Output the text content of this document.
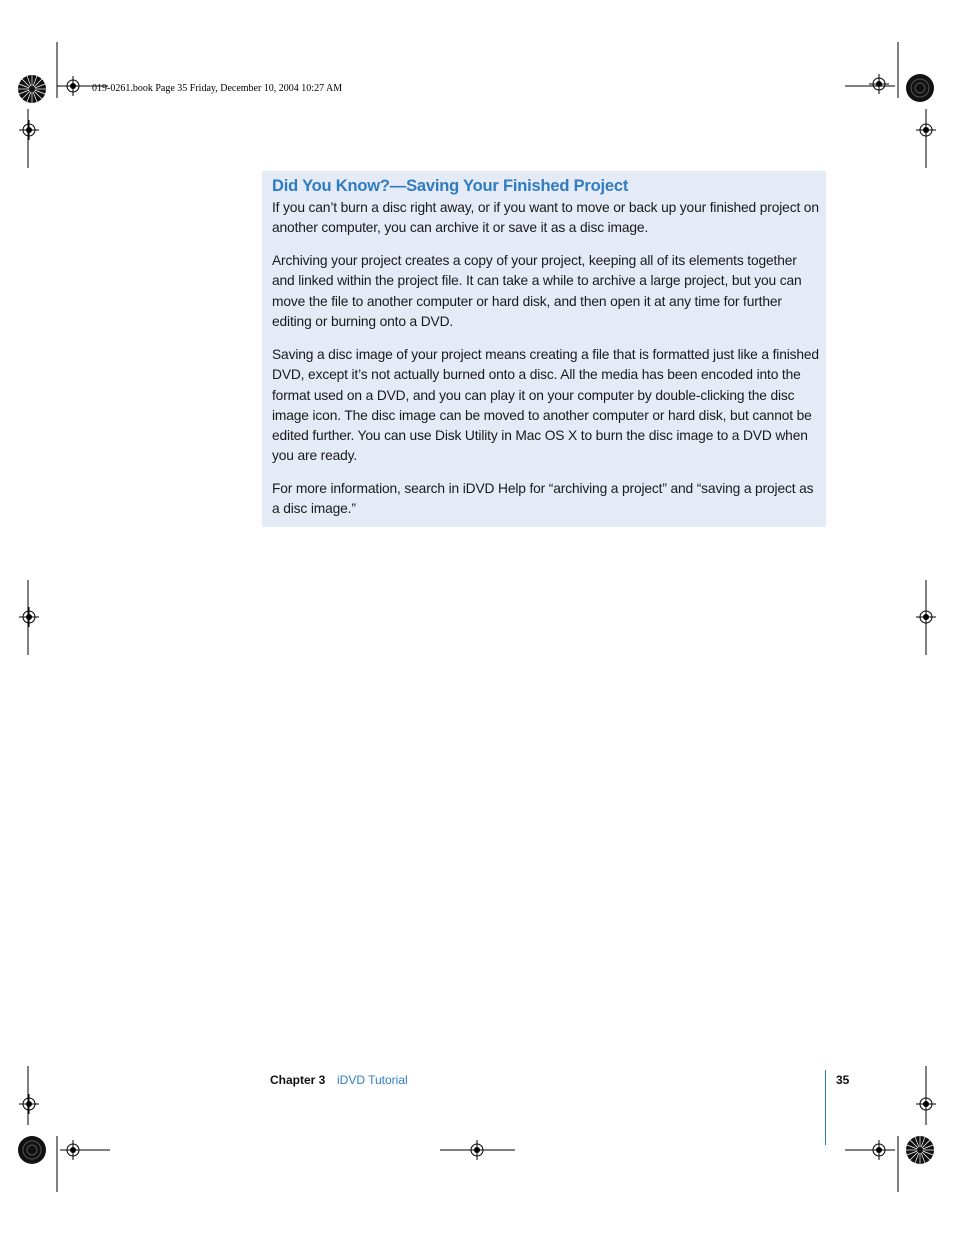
019-0261.book Page 35 Friday, December 10, 2004 10:27 AM
Did You Know?—Saving Your Finished Project

If you can’t burn a disc right away, or if you want to move or back up your finished project on another computer, you can archive it or save it as a disc image.

Archiving your project creates a copy of your project, keeping all of its elements together and linked within the project file. It can take a while to archive a large project, but you can move the file to another computer or hard disk, and then open it at any time for further editing or burning onto a DVD.

Saving a disc image of your project means creating a file that is formatted just like a finished DVD, except it’s not actually burned onto a disc. All the media has been encoded into the format used on a DVD, and you can play it on your computer by double-clicking the disc image icon. The disc image can be moved to another computer or hard disk, but cannot be edited further. You can use Disk Utility in Mac OS X to burn the disc image to a DVD when you are ready.

For more information, search in iDVD Help for “archiving a project” and “saving a project as a disc image.”

Chapter 3 iDVD Tutorial	35
